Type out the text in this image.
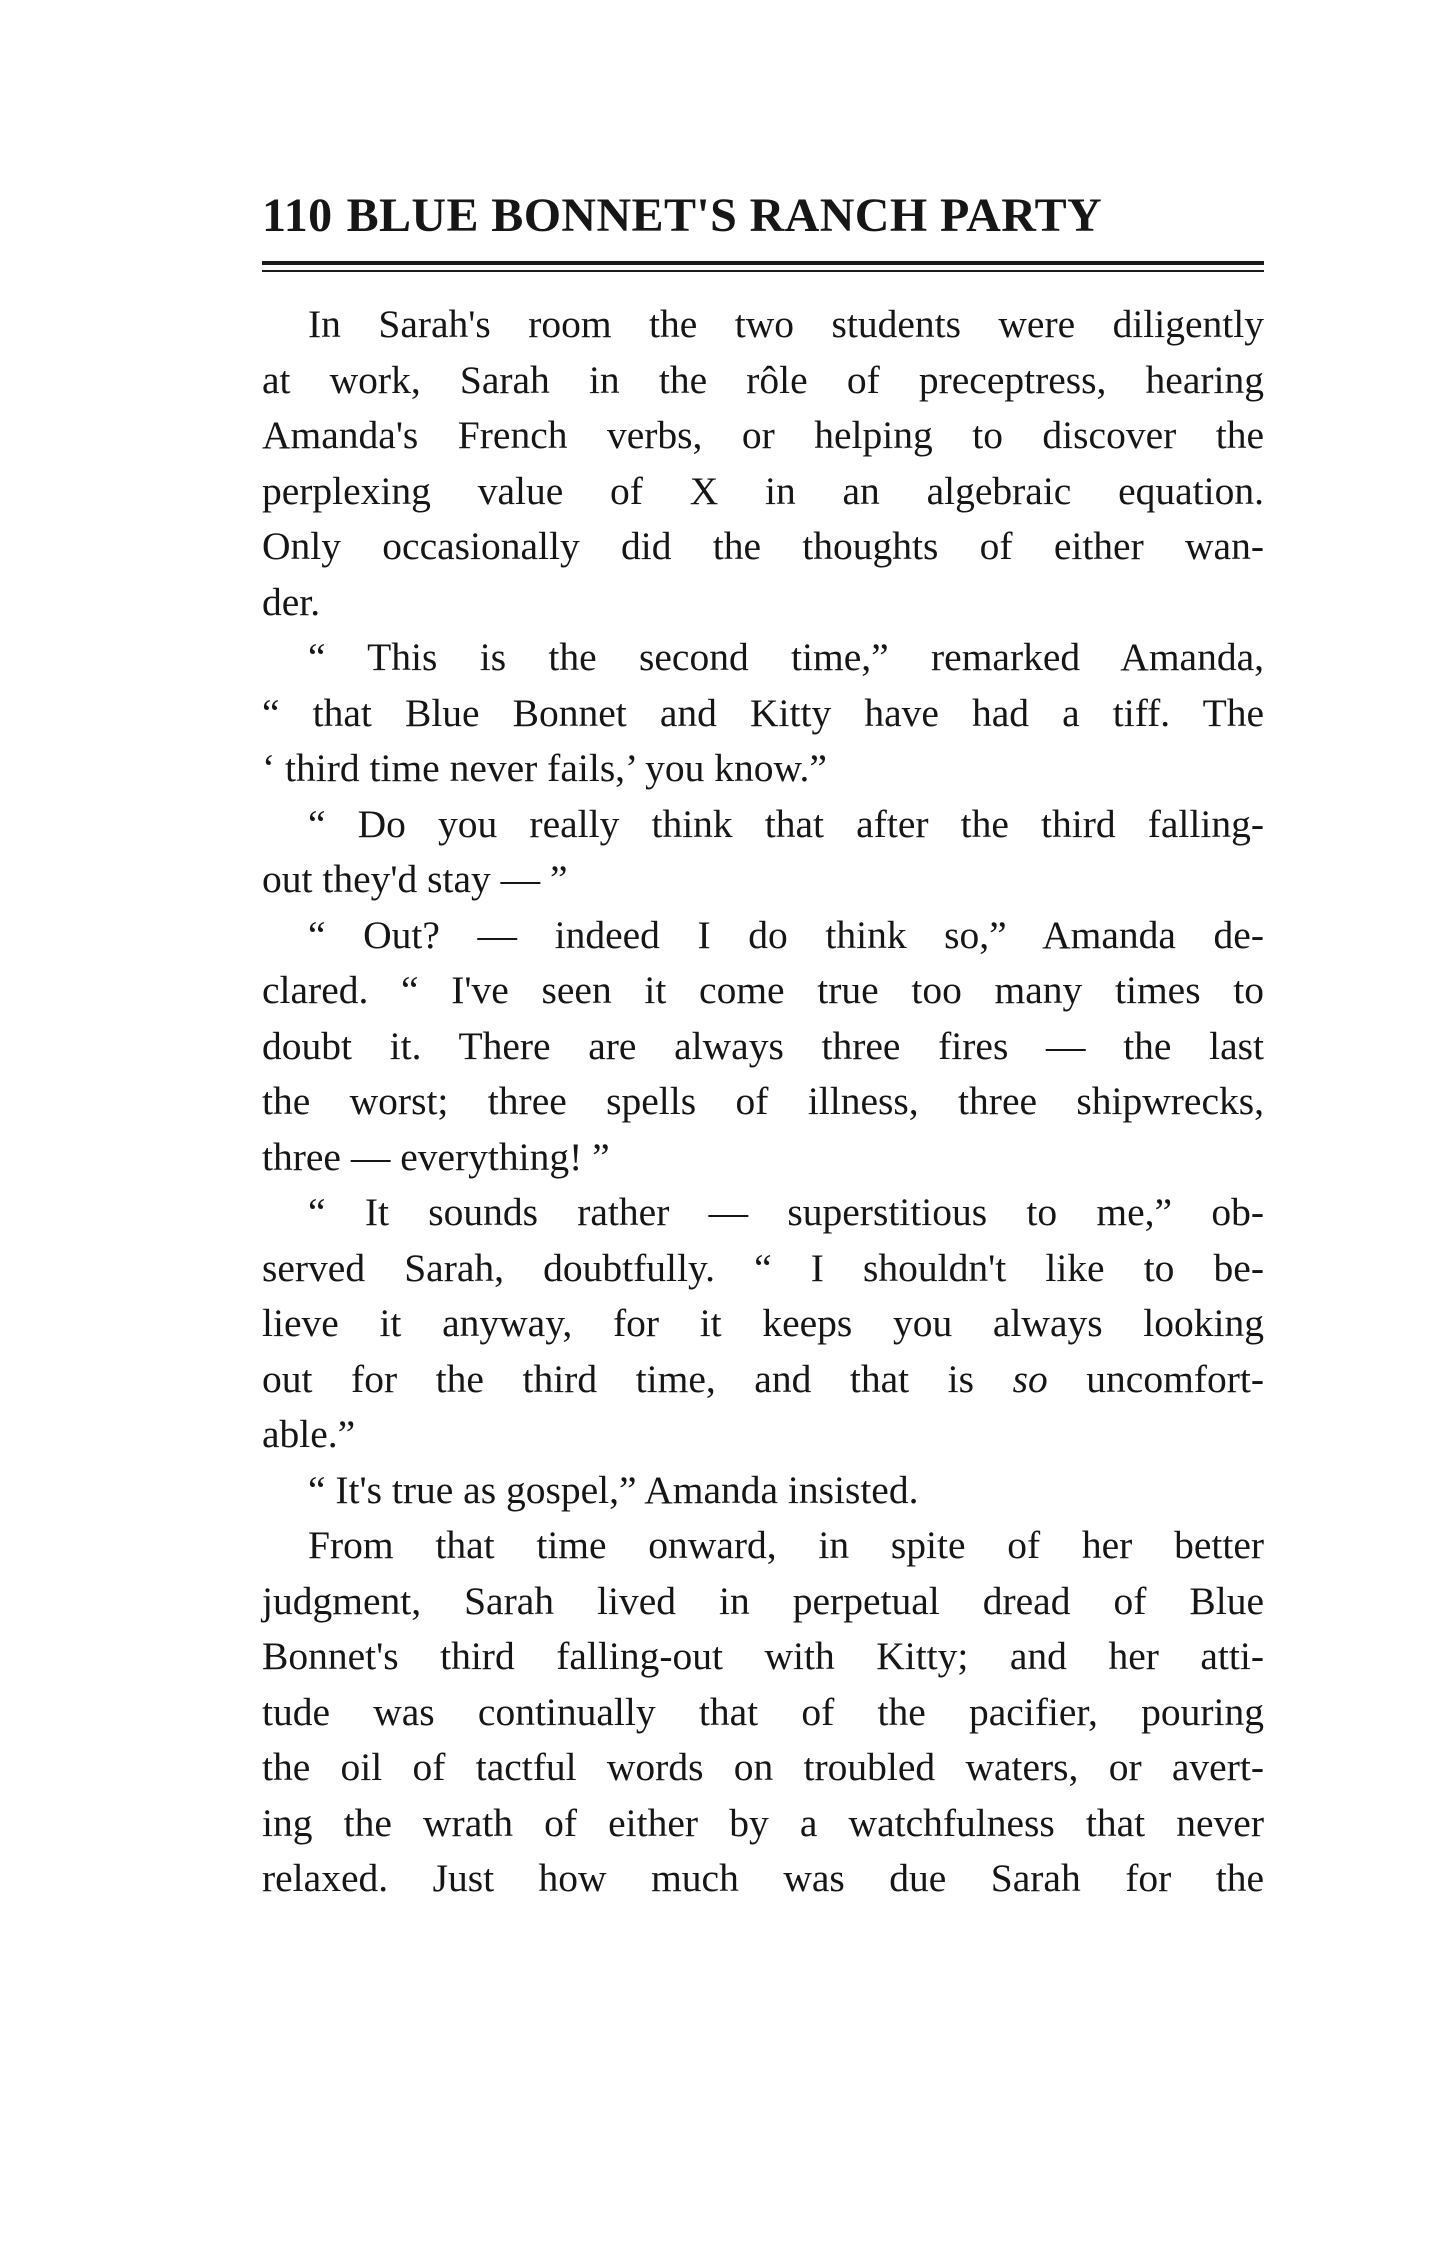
110 BLUE BONNET'S RANCH PARTY
In Sarah's room the two students were diligently
at work, Sarah in the rôle of preceptress, hearing
Amanda's French verbs, or helping to discover the
perplexing value of X in an algebraic equation.
Only occasionally did the thoughts of either wan-
der.
“ This is the second time,” remarked Amanda,
“ that Blue Bonnet and Kitty have had a tiff. The
‘ third time never fails,’ you know.”
“ Do you really think that after the third falling-
out they'd stay — ”
“ Out? — indeed I do think so,” Amanda de-
clared. “ I've seen it come true too many times to
doubt it. There are always three fires — the last
the worst; three spells of illness, three shipwrecks,
three — everything! ”
“ It sounds rather — superstitious to me,” ob-
served Sarah, doubtfully. “ I shouldn't like to be-
lieve it anyway, for it keeps you always looking
out for the third time, and that is so uncomfort-
able.”
“ It's true as gospel,” Amanda insisted.
From that time onward, in spite of her better
judgment, Sarah lived in perpetual dread of Blue
Bonnet's third falling-out with Kitty; and her atti-
tude was continually that of the pacifier, pouring
the oil of tactful words on troubled waters, or avert-
ing the wrath of either by a watchfulness that never
relaxed. Just how much was due Sarah for the
